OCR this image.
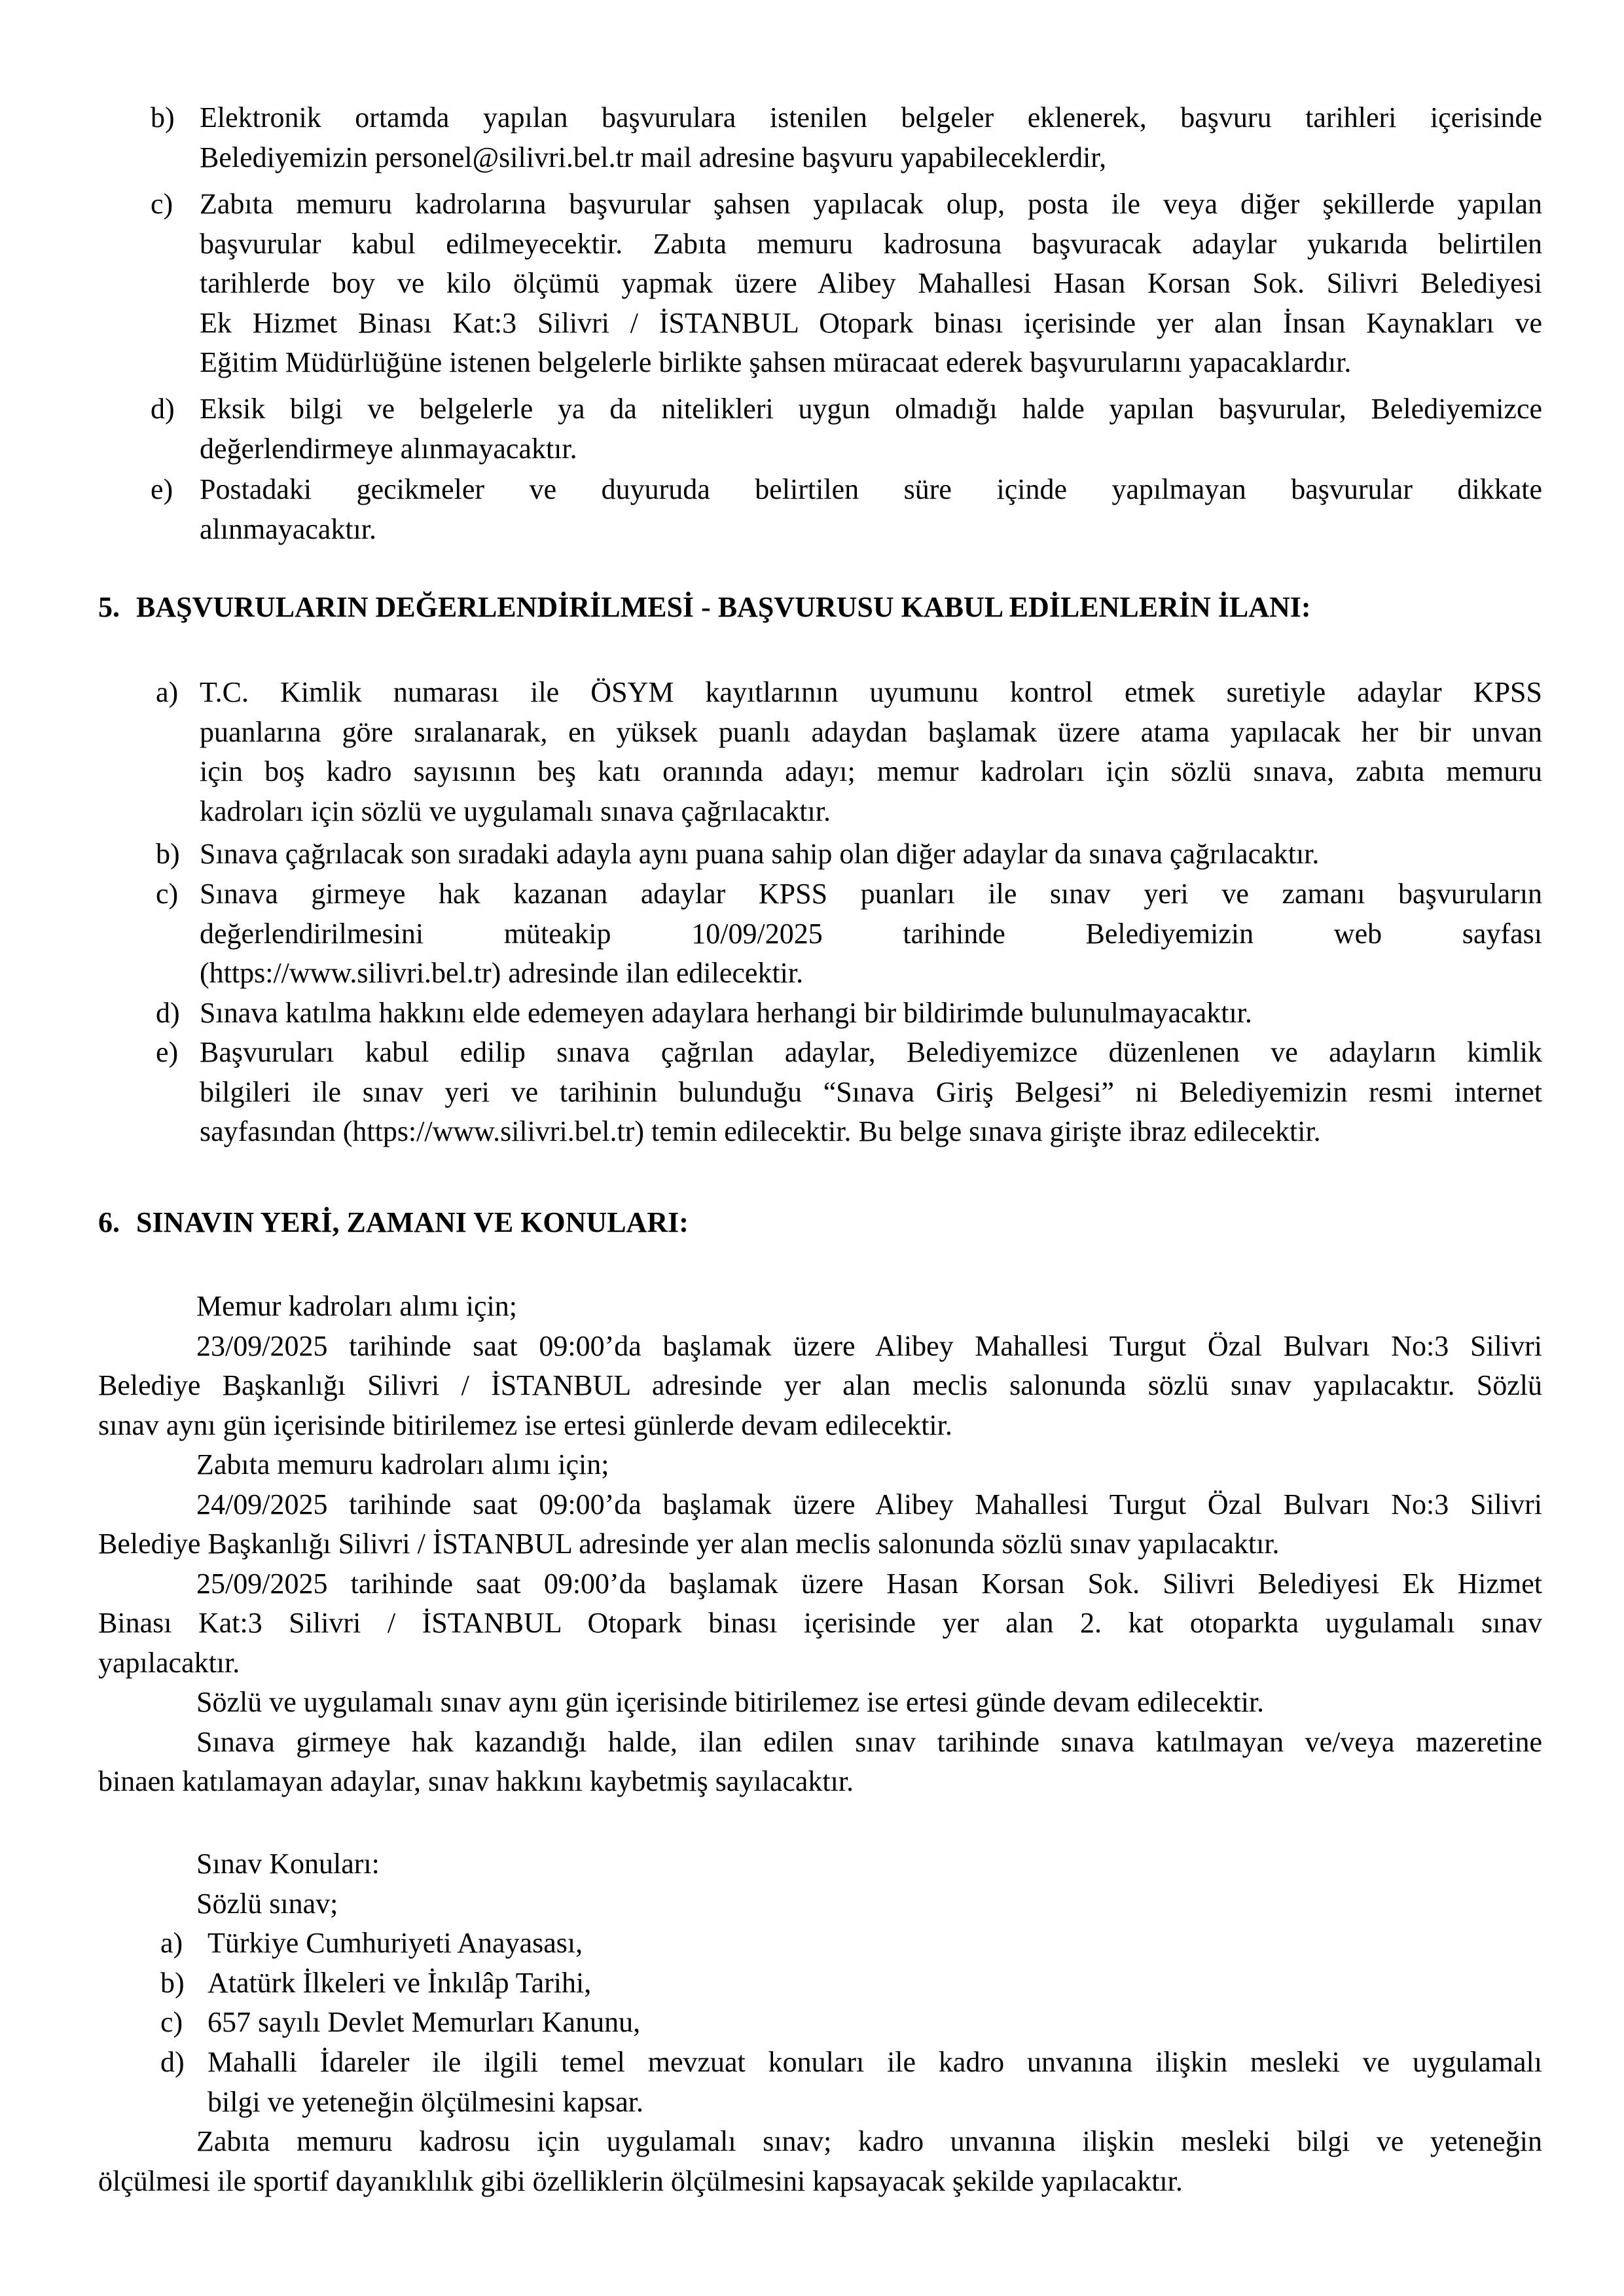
b) Elektronik ortamda yapılan başvurulara istenilen belgeler eklenerek, başvuru tarihleri içerisinde
Belediyemizin personel@silivri.bel.tr mail adresine başvuru yapabileceklerdir,
c) Zabıta memuru kadrolarına başvurular şahsen yapılacak olup, posta ile veya diğer şekillerde yapılan
başvurular kabul edilmeyecektir. Zabıta memuru kadrosuna başvuracak adaylar yukarıda belirtilen
tarihlerde boy ve kilo ölçümü yapmak üzere Alibey Mahallesi Hasan Korsan Sok. Silivri Belediyesi
Ek Hizmet Binası Kat:3 Silivri / İSTANBUL Otopark binası içerisinde yer alan İnsan Kaynakları ve
Eğitim Müdürlüğüne istenen belgelerle birlikte şahsen müracaat ederek başvurularını yapacaklardır.
d) Eksik bilgi ve belgelerle ya da nitelikleri uygun olmadığı halde yapılan başvurular, Belediyemizce
değerlendirmeye alınmayacaktır.
e) Postadaki gecikmeler ve duyuruda belirtilen süre içinde yapılmayan başvurular dikkate
alınmayacaktır.
5. BAŞVURULARIN DEĞERLENDİRİLMESİ - BAŞVURUSU KABUL EDİLENLERİN İLANI:
a) T.C. Kimlik numarası ile ÖSYM kayıtlarının uyumunu kontrol etmek suretiyle adaylar KPSS
puanlarına göre sıralanarak, en yüksek puanlı adaydan başlamak üzere atama yapılacak her bir unvan
için boş kadro sayısının beş katı oranında adayı; memur kadroları için sözlü sınava, zabıta memuru
kadroları için sözlü ve uygulamalı sınava çağrılacaktır.
b) Sınava çağrılacak son sıradaki adayla aynı puana sahip olan diğer adaylar da sınava çağrılacaktır.
c) Sınava girmeye hak kazanan adaylar KPSS puanları ile sınav yeri ve zamanı başvuruların
değerlendirilmesini müteakip 10/09/2025 tarihinde Belediyemizin web sayfası
(https://www.silivri.bel.tr) adresinde ilan edilecektir.
d) Sınava katılma hakkını elde edemeyen adaylara herhangi bir bildirimde bulunulmayacaktır.
e) Başvuruları kabul edilip sınava çağrılan adaylar, Belediyemizce düzenlenen ve adayların kimlik
bilgileri ile sınav yeri ve tarihinin bulunduğu “Sınava Giriş Belgesi” ni Belediyemizin resmi internet
sayfasından (https://www.silivri.bel.tr) temin edilecektir. Bu belge sınava girişte ibraz edilecektir.
6. SINAVIN YERİ, ZAMANI VE KONULARI:
Memur kadroları alımı için;
23/09/2025 tarihinde saat 09:00’da başlamak üzere Alibey Mahallesi Turgut Özal Bulvarı No:3 Silivri
Belediye Başkanlığı Silivri / İSTANBUL adresinde yer alan meclis salonunda sözlü sınav yapılacaktır. Sözlü
sınav aynı gün içerisinde bitirilemez ise ertesi günlerde devam edilecektir.
Zabıta memuru kadroları alımı için;
24/09/2025 tarihinde saat 09:00’da başlamak üzere Alibey Mahallesi Turgut Özal Bulvarı No:3 Silivri
Belediye Başkanlığı Silivri / İSTANBUL adresinde yer alan meclis salonunda sözlü sınav yapılacaktır.
25/09/2025 tarihinde saat 09:00’da başlamak üzere Hasan Korsan Sok. Silivri Belediyesi Ek Hizmet
Binası Kat:3 Silivri / İSTANBUL Otopark binası içerisinde yer alan 2. kat otoparkta uygulamalı sınav
yapılacaktır.
Sözlü ve uygulamalı sınav aynı gün içerisinde bitirilemez ise ertesi günde devam edilecektir.
Sınava girmeye hak kazandığı halde, ilan edilen sınav tarihinde sınava katılmayan ve/veya mazeretine
binaen katılamayan adaylar, sınav hakkını kaybetmiş sayılacaktır.
Sınav Konuları:
Sözlü sınav;
a) Türkiye Cumhuriyeti Anayasası,
b) Atatürk İlkeleri ve İnkılâp Tarihi,
c) 657 sayılı Devlet Memurları Kanunu,
d) Mahalli İdareler ile ilgili temel mevzuat konuları ile kadro unvanına ilişkin mesleki ve uygulamalı
bilgi ve yeteneğin ölçülmesini kapsar.
Zabıta memuru kadrosu için uygulamalı sınav; kadro unvanına ilişkin mesleki bilgi ve yeteneğin
ölçülmesi ile sportif dayanıklılık gibi özelliklerin ölçülmesini kapsayacak şekilde yapılacaktır.
